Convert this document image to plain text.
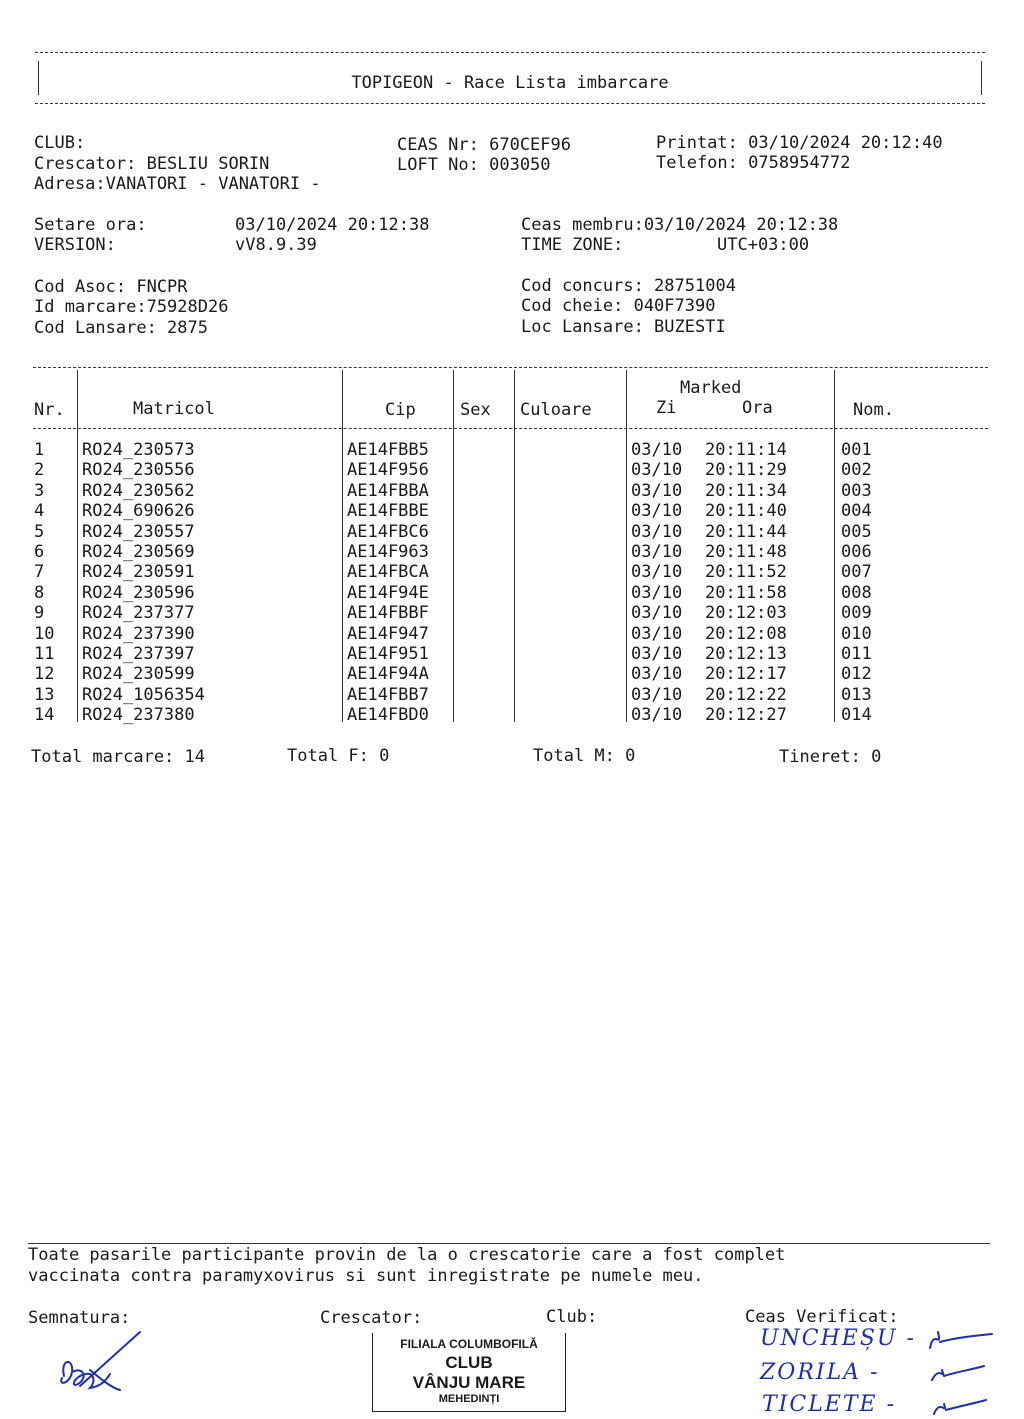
TOPIGEON - Race Lista imbarcare
CLUB:
Crescator: BESLIU SORIN
Adresa:VANATORI - VANATORI -
CEAS Nr: 670CEF96
LOFT No: 003050
Printat: 03/10/2024 20:12:40
Telefon: 0758954772
Setare ora:	03/10/2024 20:12:38
VERSION:	vV8.9.39
Ceas membru:03/10/2024 20:12:38
TIME ZONE:	UTC+03:00
Cod Asoc: FNCPR
Id marcare:75928D26
Cod Lansare: 2875
Cod concurs: 28751004
Cod cheie: 040F7390
Loc Lansare: BUZESTI
Nr.	Matricol	Cip	Sex Culoare
Marked
Zi	Ora	Nom.
1 RO24_230573	AE14FBB5	03/10 20:11:14	001
2 RO24_230556	AE14F956	03/10 20:11:29	002
3 RO24_230562	AE14FBBA	03/10 20:11:34	003
4 RO24_690626	AE14FBBE	03/10 20:11:40	004
5 RO24_230557	AE14FBC6	03/10 20:11:44	005
6 RO24_230569	AE14F963	03/10 20:11:48	006
7 RO24_230591	AE14FBCA	03/10 20:11:52	007
8 RO24_230596	AE14F94E	03/10 20:11:58	008
9 RO24_237377	AE14FBBF	03/10 20:12:03	009
10 RO24_237390	AE14F947	03/10 20:12:08	010
11 RO24_237397	AE14F951	03/10 20:12:13	011
12 RO24_230599	AE14F94A	03/10 20:12:17	012
13 RO24_1056354	AE14FBB7	03/10 20:12:22	013
14 RO24_237380	AE14FBD0	03/10 20:12:27	014
Total marcare: 14	Total F: 0	Total M: 0	Tineret: 0
Toate pasarile participante provin de la o crescatorie care a fost complet
vaccinata contra paramyxovirus si sunt inregistrate pe numele meu.
Semnatura:	Crescator:	Club:	Ceas Verificat:
FILIALA COLUMBOFILĂ
CLUB
VÂNJU MARE
MEHEDINȚI
UNCHEȘU -
ZORILA -
TICLETE -
